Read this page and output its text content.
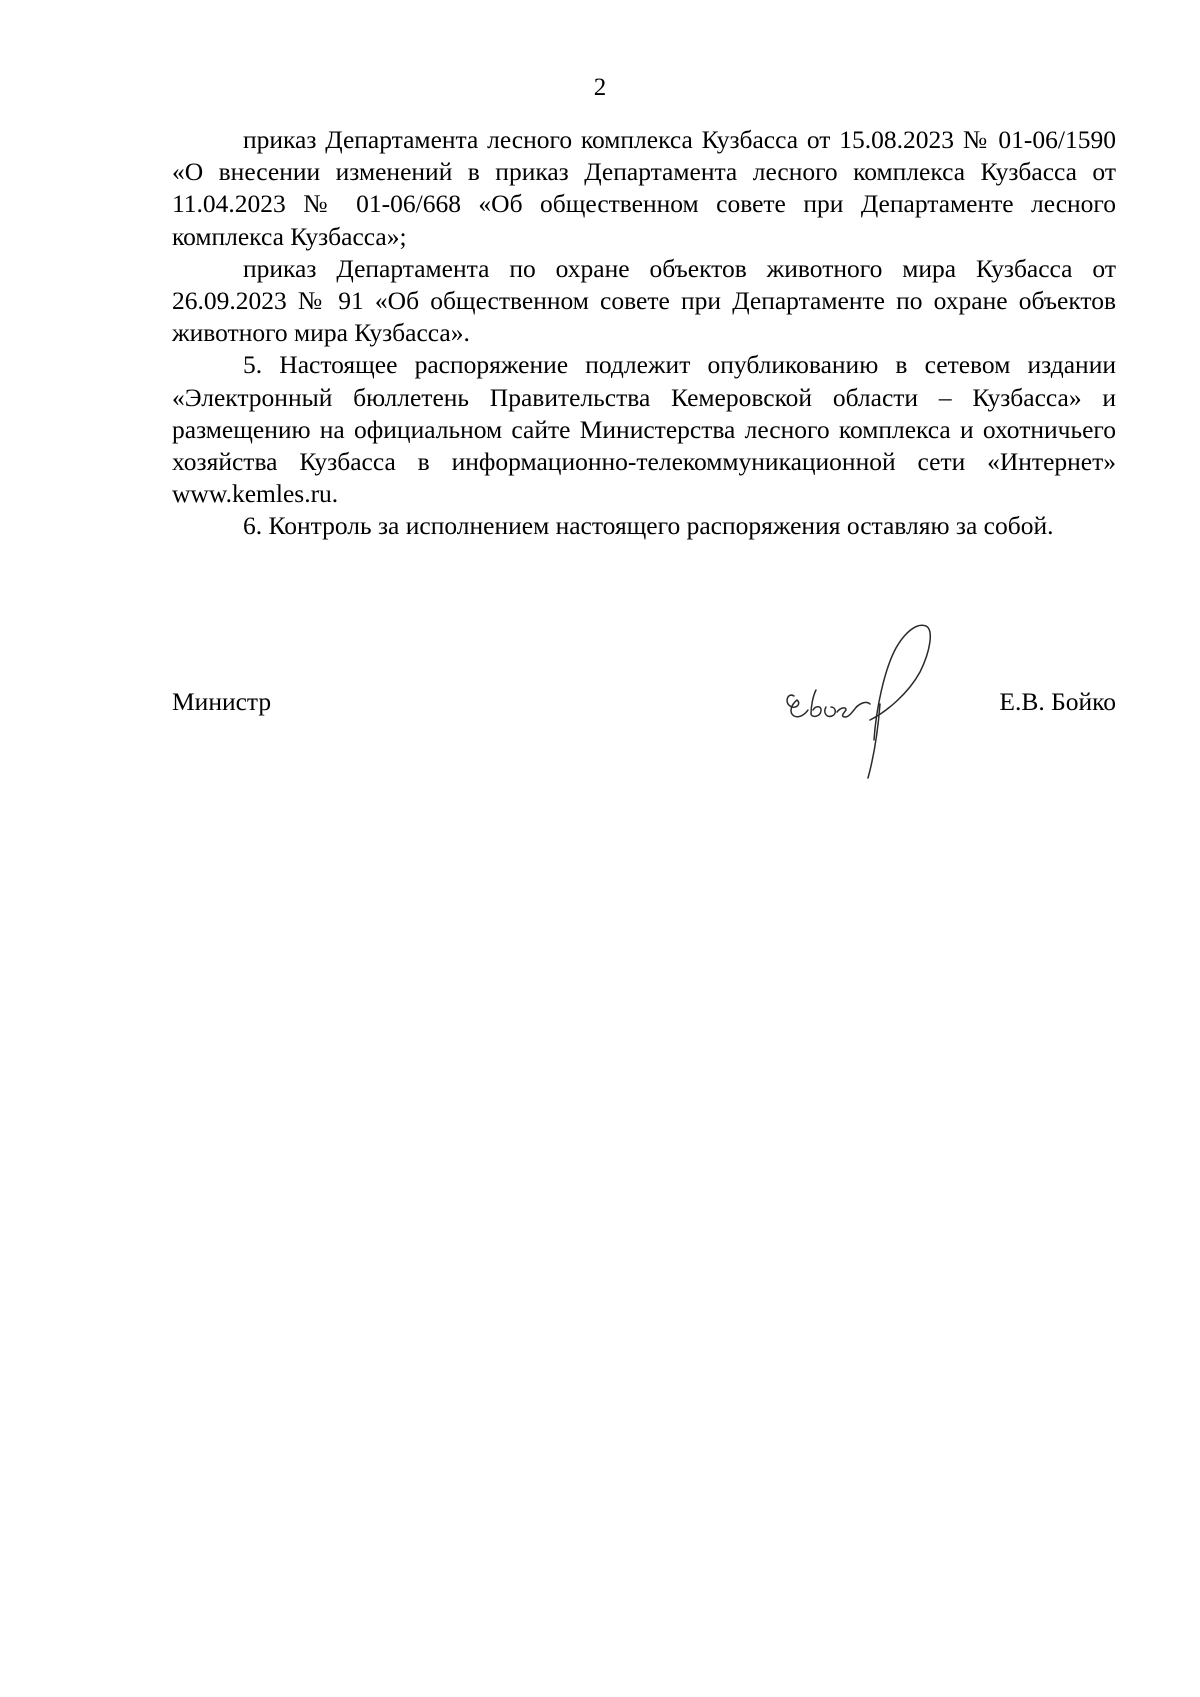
2

приказ Департамента лесного комплекса Кузбасса от 15.08.2023 № 01-06/1590 «О внесении изменений в приказ Департамента лесного комплекса Кузбасса от 11.04.2023 № 01-06/668 «Об общественном совете при Департаменте лесного комплекса Кузбасса»;

приказ Департамента по охране объектов животного мира Кузбасса от 26.09.2023 № 91 «Об общественном совете при Департаменте по охране объектов животного мира Кузбасса».

5. Настоящее распоряжение подлежит опубликованию в сетевом издании «Электронный бюллетень Правительства Кемеровской области – Кузбасса» и размещению на официальном сайте Министерства лесного комплекса и охотничьего хозяйства Кузбасса в информационно-телекоммуникационной сети «Интернет» www.kemles.ru.

6. Контроль за исполнением настоящего распоряжения оставляю за собой.

Министр	Е.В. Бойко
